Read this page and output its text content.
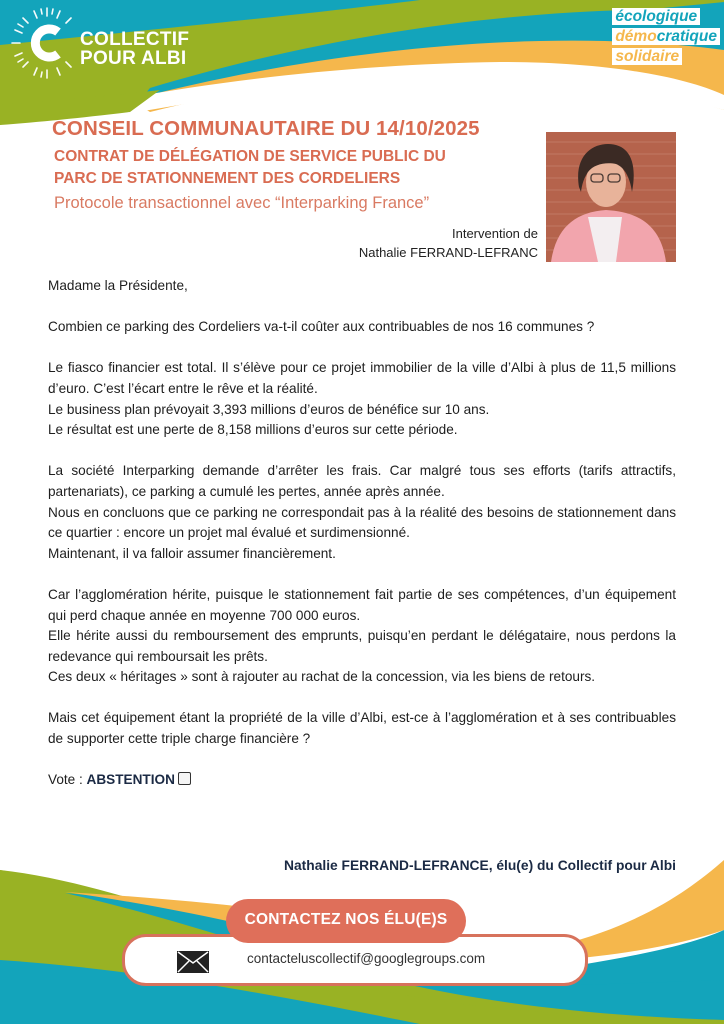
COLLECTIF
POUR ALBI
écologique
démocratique
solidaire
CONSEIL COMMUNAUTAIRE DU 14/10/2025
CONTRAT DE DÉLÉGATION DE SERVICE PUBLIC DU
PARC DE STATIONNEMENT DES CORDELIERS
Protocole transactionnel avec “Interparking France”
Intervention de
Nathalie FERRAND-LEFRANC

Madame la Présidente,

Combien ce parking des Cordeliers va-t-il coûter aux contribuables de nos 16 communes ?

Le fiasco financier est total. Il s’élève pour ce projet immobilier de la ville d’Albi à plus de 11,5 millions d’euro. C’est l’écart entre le rêve et la réalité.
Le business plan prévoyait 3,393 millions d’euros de bénéfice sur 10 ans.
Le résultat est une perte de 8,158 millions d’euros sur cette période.

La société Interparking demande d’arrêter les frais. Car malgré tous ses efforts (tarifs attractifs, partenariats), ce parking a cumulé les pertes, année après année.
Nous en concluons que ce parking ne correspondait pas à la réalité des besoins de stationnement dans ce quartier : encore un projet mal évalué et surdimensionné.
Maintenant, il va falloir assumer financièrement.

Car l’agglomération hérite, puisque le stationnement fait partie de ses compétences, d’un équipement qui perd chaque année en moyenne 700 000 euros.
Elle hérite aussi du remboursement des emprunts, puisqu’en perdant le délégataire, nous perdons la redevance qui remboursait les prêts.
Ces deux « héritages » sont à rajouter au rachat de la concession, via les biens de retours.

Mais cet équipement étant la propriété de la ville d’Albi, est-ce à l’agglomération et à ses contribuables de supporter cette triple charge financière ?

Vote : ABSTENTION

Nathalie FERRAND-LEFRANCE, élu(e) du Collectif pour Albi
CONTACTEZ NOS ÉLU(E)S
contacteluscollectif@googlegroups.com
